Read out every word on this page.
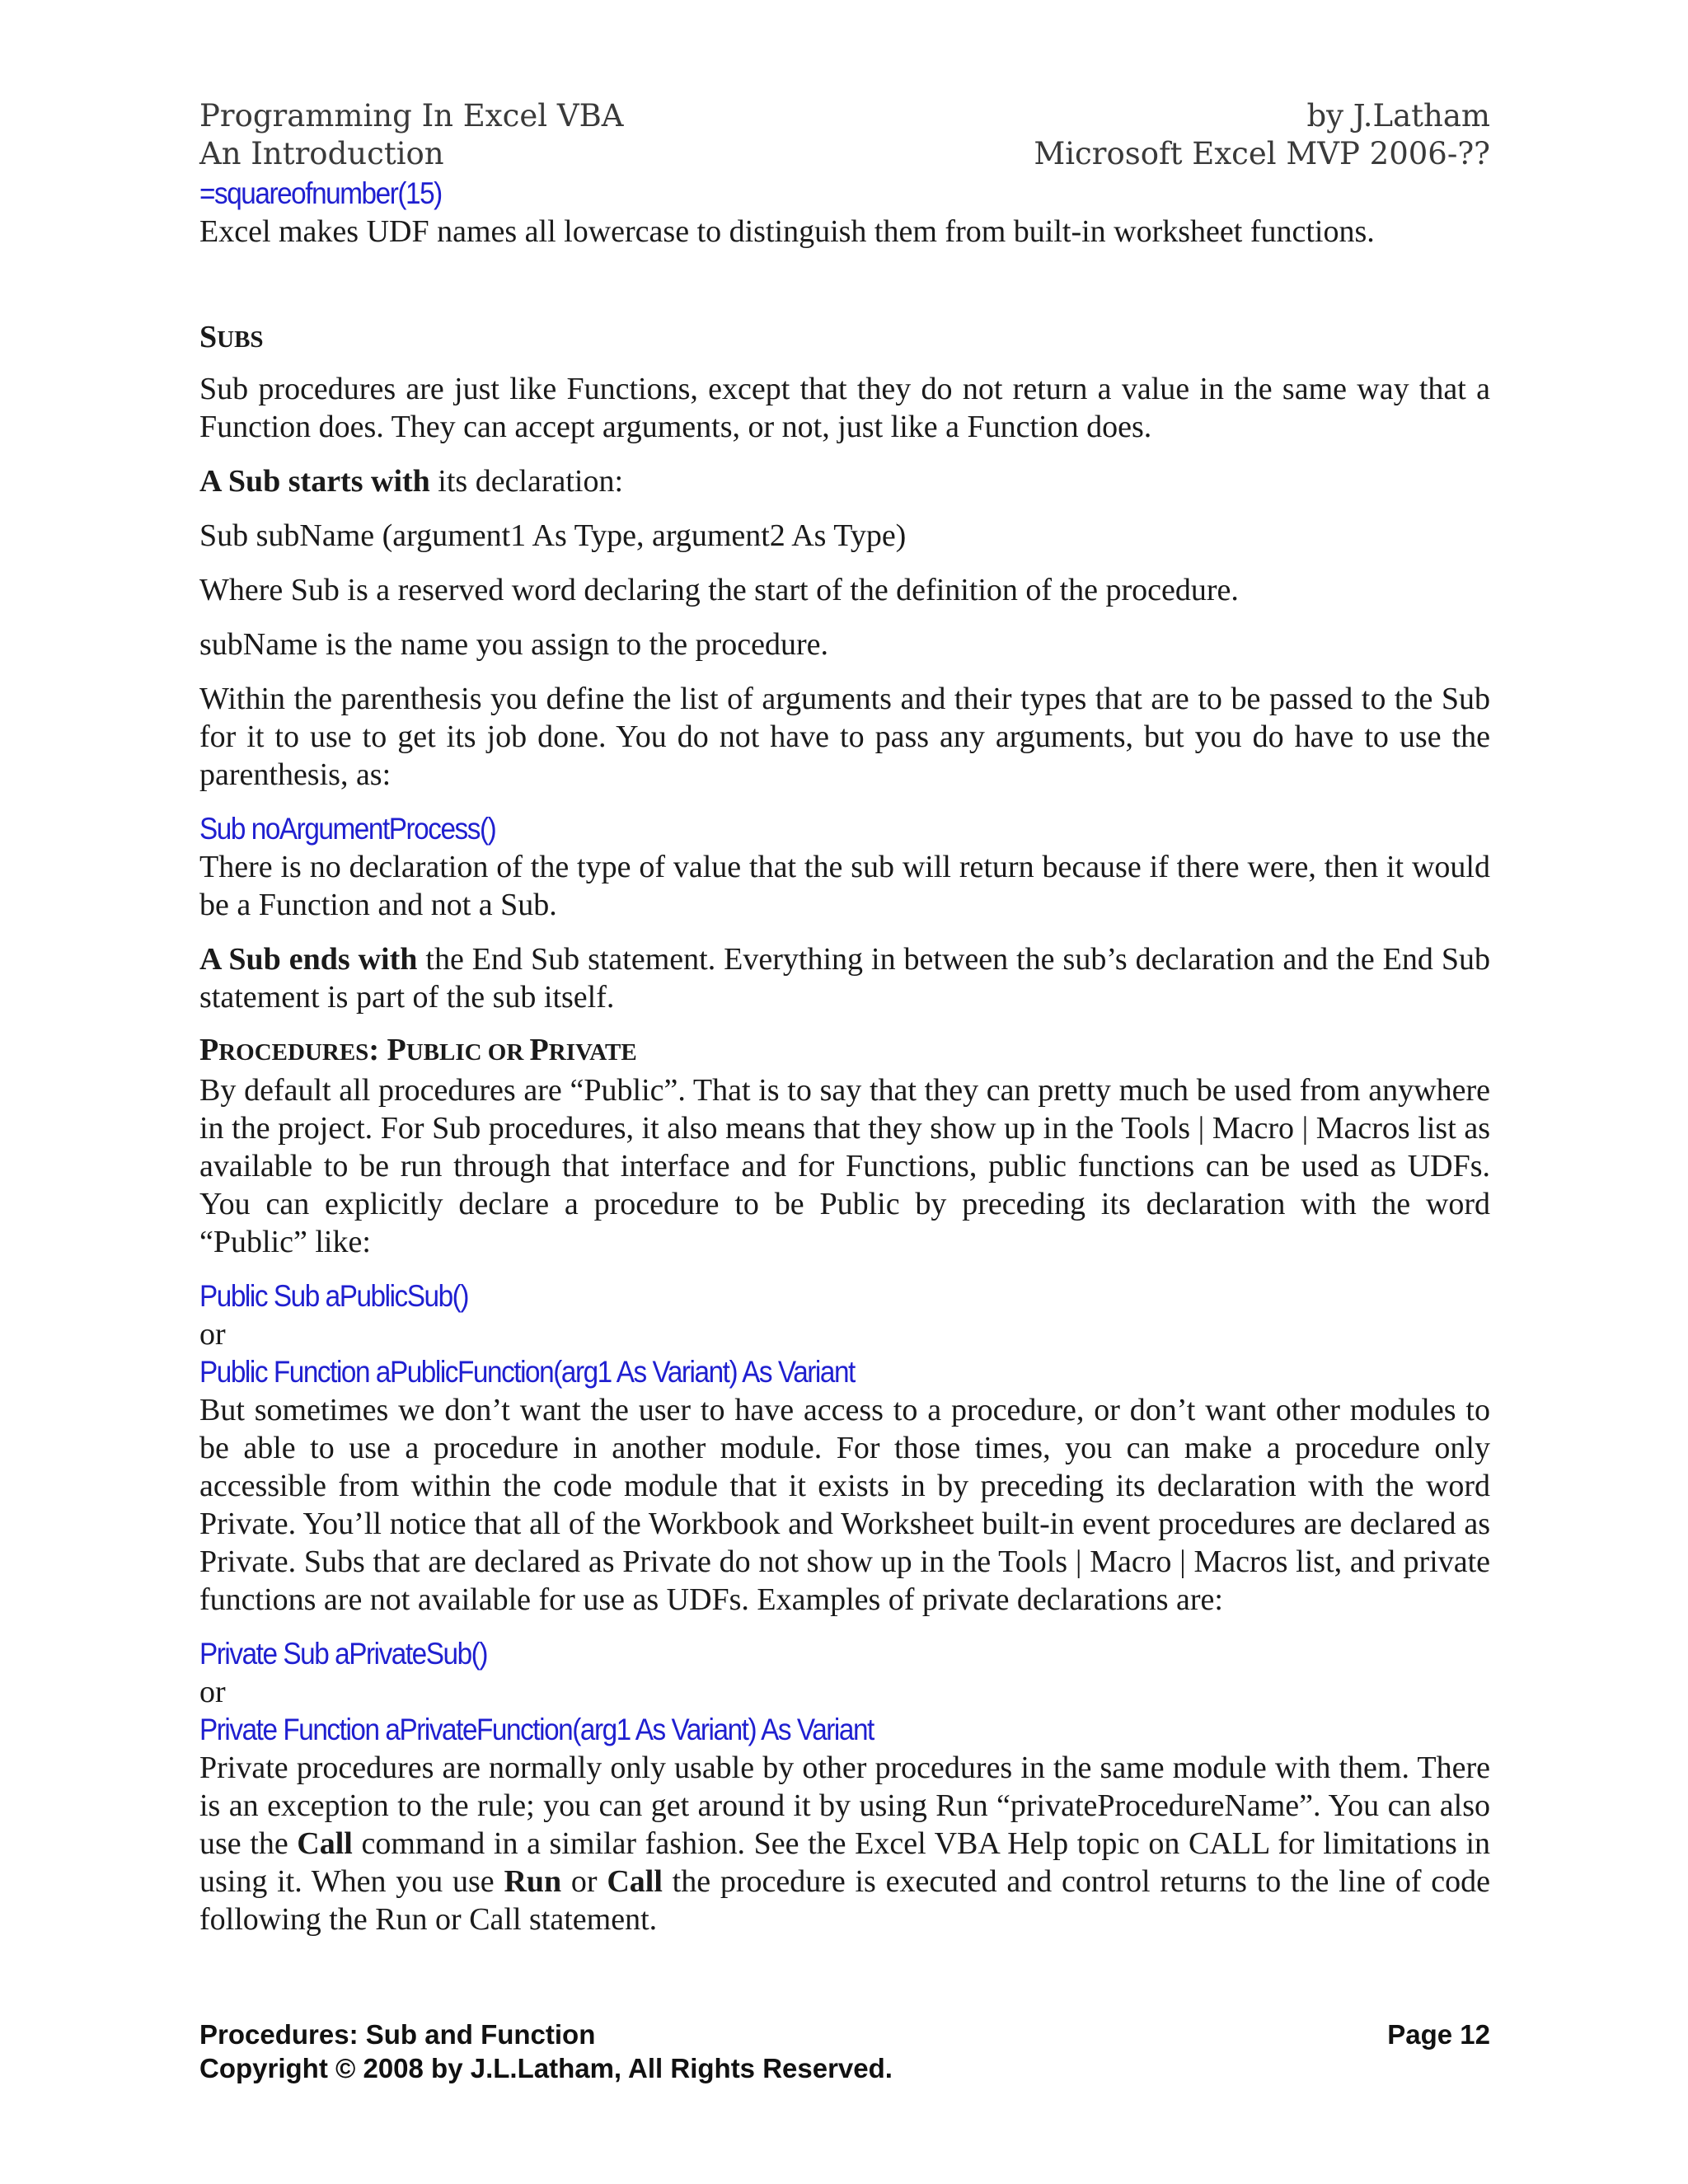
Programming In Excel VBA	by J.Latham
An Introduction	Microsoft Excel MVP 2006-??
=squareofnumber(15)

Excel makes UDF names all lowercase to distinguish them from built-in worksheet functions.

SUBS

Sub procedures are just like Functions, except that they do not return a value in the same way that a Function does. They can accept arguments, or not, just like a Function does.

A Sub starts with its declaration:

Sub subName (argument1 As Type, argument2 As Type)

Where Sub is a reserved word declaring the start of the definition of the procedure.

subName is the name you assign to the procedure.

Within the parenthesis you define the list of arguments and their types that are to be passed to the Sub for it to use to get its job done. You do not have to pass any arguments, but you do have to use the parenthesis, as:

Sub noArgumentProcess()

There is no declaration of the type of value that the sub will return because if there were, then it would be a Function and not a Sub.

A Sub ends with the End Sub statement. Everything in between the sub’s declaration and the End Sub statement is part of the sub itself.

PROCEDURES: PUBLIC OR PRIVATE

By default all procedures are “Public”. That is to say that they can pretty much be used from anywhere in the project. For Sub procedures, it also means that they show up in the Tools | Macro | Macros list as available to be run through that interface and for Functions, public functions can be used as UDFs. You can explicitly declare a procedure to be Public by preceding its declaration with the word “Public” like:

Public Sub aPublicSub()

or

Public Function aPublicFunction(arg1 As Variant) As Variant

But sometimes we don’t want the user to have access to a procedure, or don’t want other modules to be able to use a procedure in another module. For those times, you can make a procedure only accessible from within the code module that it exists in by preceding its declaration with the word Private. You’ll notice that all of the Workbook and Worksheet built-in event procedures are declared as Private. Subs that are declared as Private do not show up in the Tools | Macro | Macros list, and private functions are not available for use as UDFs. Examples of private declarations are:

Private Sub aPrivateSub()

or

Private Function aPrivateFunction(arg1 As Variant) As Variant

Private procedures are normally only usable by other procedures in the same module with them. There is an exception to the rule; you can get around it by using Run “privateProcedureName”. You can also use the Call command in a similar fashion. See the Excel VBA Help topic on CALL for limitations in using it. When you use Run or Call the procedure is executed and control returns to the line of code following the Run or Call statement.

Procedures: Sub and Function	Page 12
Copyright © 2008 by J.L.Latham, All Rights Reserved.
